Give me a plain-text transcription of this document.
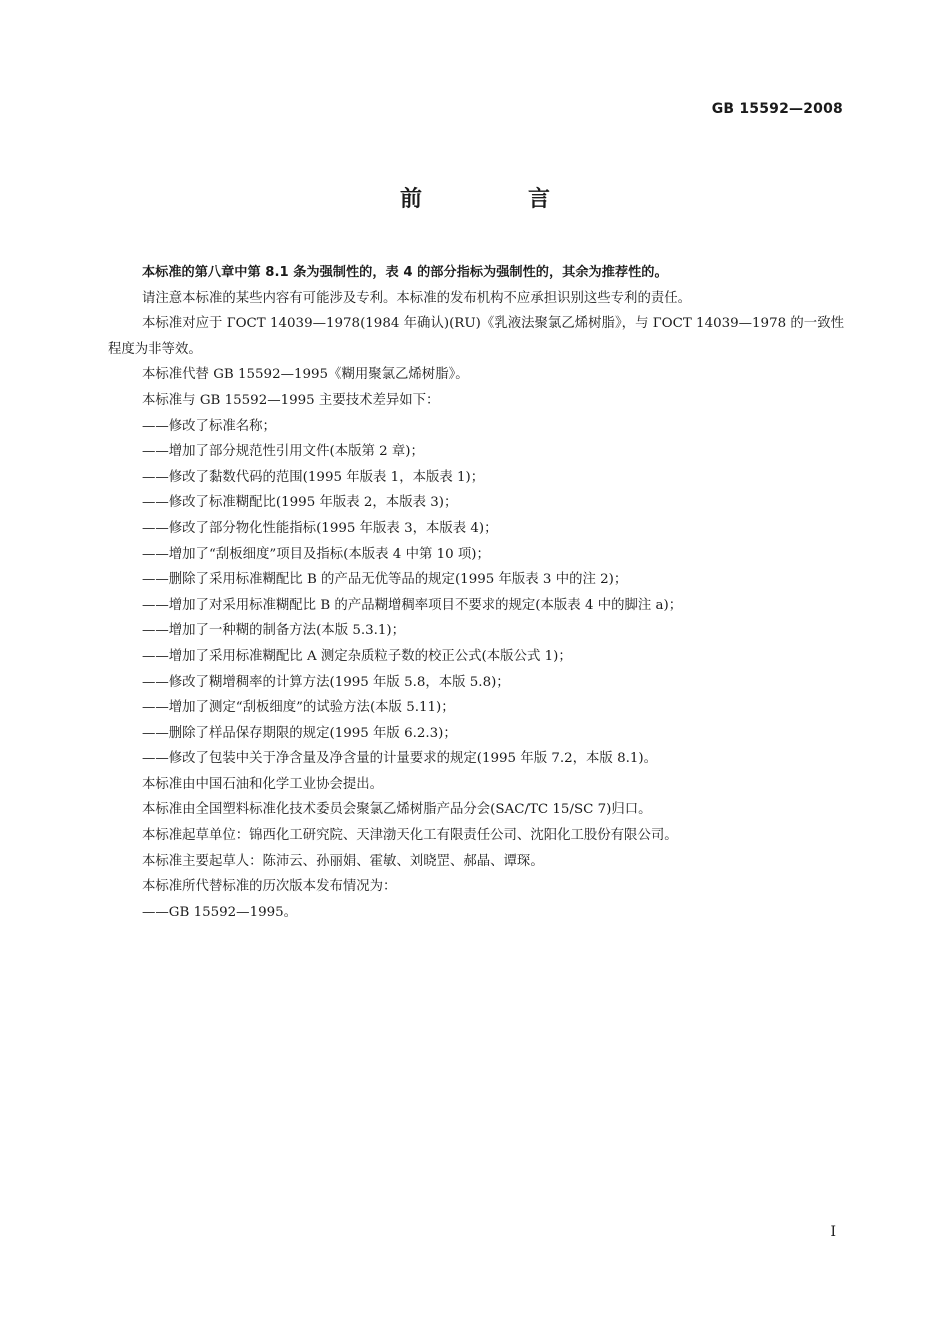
GB 15592—2008
前　言

本标准的第八章中第 8.1 条为强制性的，表 4 的部分指标为强制性的，其余为推荐性的。

请注意本标准的某些内容有可能涉及专利。本标准的发布机构不应承担识别这些专利的责任。

本标准对应于 ГОСТ 14039—1978(1984 年确认)(RU)《乳液法聚氯乙烯树脂》，与 ГОСТ 14039—1978 的一致性程度为非等效。

本标准代替 GB 15592—1995《糊用聚氯乙烯树脂》。

本标准与 GB 15592—1995 主要技术差异如下：

——修改了标准名称；

——增加了部分规范性引用文件(本版第 2 章)；

——修改了黏数代码的范围(1995 年版表 1，本版表 1)；

——修改了标准糊配比(1995 年版表 2，本版表 3)；

——修改了部分物化性能指标(1995 年版表 3，本版表 4)；

——增加了“刮板细度”项目及指标(本版表 4 中第 10 项)；

——删除了采用标准糊配比 B 的产品无优等品的规定(1995 年版表 3 中的注 2)；

——增加了对采用标准糊配比 B 的产品糊增稠率项目不要求的规定(本版表 4 中的脚注 a)；

——增加了一种糊的制备方法(本版 5.3.1)；

——增加了采用标准糊配比 A 测定杂质粒子数的校正公式(本版公式 1)；

——修改了糊增稠率的计算方法(1995 年版 5.8，本版 5.8)；

——增加了测定“刮板细度”的试验方法(本版 5.11)；

——删除了样品保存期限的规定(1995 年版 6.2.3)；

——修改了包装中关于净含量及净含量的计量要求的规定(1995 年版 7.2，本版 8.1)。

本标准由中国石油和化学工业协会提出。

本标准由全国塑料标准化技术委员会聚氯乙烯树脂产品分会(SAC/TC 15/SC 7)归口。

本标准起草单位：锦西化工研究院、天津渤天化工有限责任公司、沈阳化工股份有限公司。

本标准主要起草人：陈沛云、孙丽娟、霍敏、刘晓罡、郝晶、谭琛。

本标准所代替标准的历次版本发布情况为：

——GB 15592—1995。

I
